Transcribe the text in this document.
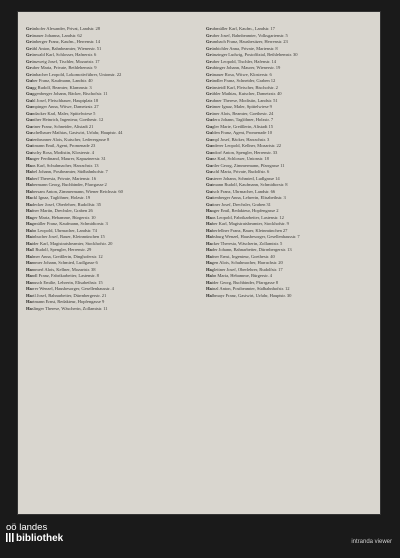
Grünhofer Alexander, Privat, Landstr. 28
Grünauer Johanna, Landstr. 62
Grünberger Franz, Kaufm., Herrenstr. 14
Grübl Anton, Bahnbeamter, Wienerstr. 51
Grünwald Karl, Schlosser, Hafnerstr. 6
Grünzweig Josef, Tischler, Mozartstr. 17
Gruber Maria, Private, Bethlehemstr. 9
Grünbacher Leopold, Lokomotivführer, Unionstr. 22
Guber Franz, Kaufmann, Landstr. 40
Gugg Rudolf, Beamter, Klammstr. 3
Guggenberger Johann, Bäcker, Bischofstr. 11
Guhl Josef, Fleischhauer, Hauptplatz 18
Gumpinger Anna, Witwe, Dametzstr. 27
Gundacker Karl, Maler, Spittelwiese 5
Gunther Heinrich, Ingenieur, Goethestr. 12
Gurtner Franz, Schneider, Altstadt 21
Guschelbauer Mathias, Gastwirt, Urfahr, Hauptstr. 44
Gutenbrunner Alois, Kutscher, Lederergasse 8
Guttmann Emil, Agent, Promenade 23
Gutschy Rosa, Modistin, Klosterstr. 4
Haager Ferdinand, Maurer, Kapuzinerstr. 31
Haas Karl, Schuhmacher, Harrachstr. 13
Habel Johann, Postbeamter, Südbahnhofstr. 7
Haberl Theresia, Private, Marienstr. 16
Habermann Georg, Buchbinder, Pfarrgasse 2
Habersam Anton, Zimmermann, Wiener Reichsstr. 60
Hackl Ignaz, Taglöhner, Holzstr. 19
Hadecker Josef, Oberlehrer, Rudolfstr. 35
Hafner Martin, Drechsler, Graben 26
Hager Maria, Hebamme, Bürgerstr. 10
Hagmüller Franz, Kaufmann, Schmidtorstr. 3
Hahn Leopold, Uhrmacher, Landstr. 74
Hainbucher Josef, Bauer, Kleinmünchen 15
Haider Karl, Magistratsbeamter, Stockhofstr. 20
Hall Rudolf, Spengler, Herrenstr. 29
Halmer Anna, Greißlerin, Dinghoferstr. 12
Hammer Johann, Schmied, Ludlgasse 6
Hammerl Alois, Kellner, Mozartstr. 38
Handl Franz, Fabrikarbeiter, Lastenstr. 8
Hanusch Emilie, Lehrerin, Elisabethstr. 15
Harrer Wenzel, Hausbesorger, Gesellenhausstr. 4
Hartl Josef, Bahnarbeiter, Dürrnbergerstr. 21
Hartmann Ernst, Redakteur, Hopfengasse 9
Haslinger Therese, Wäscherin, Zollamtstr. 11
Grubmüller Karl, Kaufm., Landstr. 17
Gruber Josef, Bahnbeamter, Volksgartenstr. 5
Grumbach Franz, Hausbesitzer, Herrenstr. 23
Grünbichler Anna, Private, Marienstr. 8
Grünzinger Ludwig, Postoffizial, Bethlehemstr. 30
Gruber Leopold, Tischler, Hafenstr. 14
Grubinger Johann, Maurer, Wienerstr. 19
Grünauer Rosa, Witwe, Klosterstr. 6
Gründler Franz, Schneider, Graben 12
Grünsteidl Karl, Fleischer, Bischofstr. 2
Grübler Mathias, Kutscher, Dametzstr. 40
Grubner Therese, Modistin, Landstr. 51
Grümer Ignaz, Maler, Spittelwiese 9
Grüner Alois, Beamter, Goethestr. 24
Gudera Johann, Taglöhner, Holzstr. 7
Gugler Marie, Greißlerin, Altstadt 15
Gulden Franz, Agent, Promenade 10
Gumpl Josef, Bäcker, Harrachstr. 3
Gunderer Leopold, Kellner, Mozartstr. 22
Gundorf Anton, Spengler, Herrenstr. 33
Gunz Karl, Schlosser, Unionstr. 18
Gurtler Georg, Zimmermann, Pfarrgasse 11
Guschl Maria, Private, Rudolfstr. 6
Gusterer Johann, Schmied, Ludlgasse 14
Gutmann Rudolf, Kaufmann, Schmidtorstr. 8
Gutsch Franz, Uhrmacher, Landstr. 66
Guttenberger Anna, Lehrerin, Elisabethstr. 3
Guttner Josef, Drechsler, Graben 31
Haager Emil, Redakteur, Hopfengasse 2
Haas Leopold, Fabrikarbeiter, Lastenstr. 12
Haber Karl, Magistratsbeamter, Stockhofstr. 9
Haberfellner Franz, Bauer, Kleinmünchen 27
Habsburg Wenzel, Hausbesorger, Gesellenhausstr. 7
Hacker Theresia, Wäscherin, Zollamtstr. 5
Hader Johann, Bahnarbeiter, Dürrnbergerstr. 13
Hafner Ernst, Ingenieur, Goethestr. 40
Hagen Alois, Schuhmacher, Harrachstr. 20
Hagleitner Josef, Oberlehrer, Rudolfstr. 17
Hahn Maria, Hebamme, Bürgerstr. 4
Haider Georg, Buchbinder, Pfarrgasse 8
Hainzl Anton, Postbeamter, Südbahnhofstr. 12
Halbmayr Franz, Gastwirt, Urfahr, Hauptstr. 30
oö landes
bibliothek	intranda viewer
